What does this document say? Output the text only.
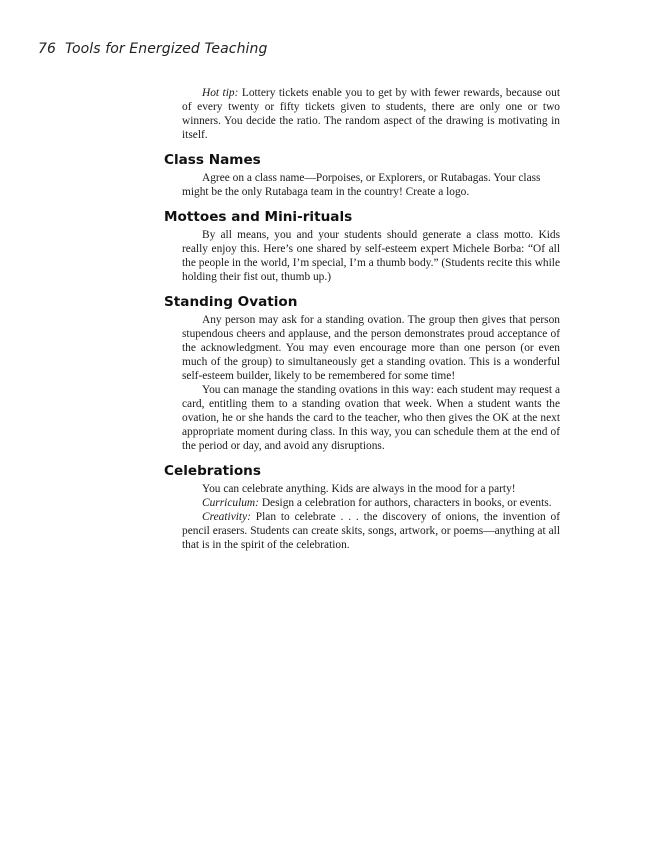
76 Tools for Energized Teaching

Hot tip: Lottery tickets enable you to get by with fewer rewards, because out of every twenty or fifty tickets given to students, there are only one or two winners. You decide the ratio. The random aspect of the drawing is motivating in itself.

Class Names

Agree on a class name—Porpoises, or Explorers, or Rutabagas. Your class might be the only Rutabaga team in the country! Create a logo.

Mottoes and Mini-rituals

By all means, you and your students should generate a class motto. Kids really enjoy this. Here’s one shared by self-esteem expert Michele Borba: “Of all the people in the world, I’m special, I’m a thumb body.” (Students recite this while holding their fist out, thumb up.)

Standing Ovation

Any person may ask for a standing ovation. The group then gives that person stupendous cheers and applause, and the person demonstrates proud acceptance of the acknowledgment. You may even encourage more than one person (or even much of the group) to simultaneously get a standing ovation. This is a wonderful self-esteem builder, likely to be remembered for some time!

You can manage the standing ovations in this way: each student may request a card, entitling them to a standing ovation that week. When a student wants the ovation, he or she hands the card to the teacher, who then gives the OK at the next appropriate moment during class. In this way, you can schedule them at the end of the period or day, and avoid any disruptions.

Celebrations

You can celebrate anything. Kids are always in the mood for a party!

Curriculum: Design a celebration for authors, characters in books, or events.

Creativity: Plan to celebrate . . . the discovery of onions, the invention of pencil erasers. Students can create skits, songs, artwork, or poems—anything at all that is in the spirit of the celebration.
